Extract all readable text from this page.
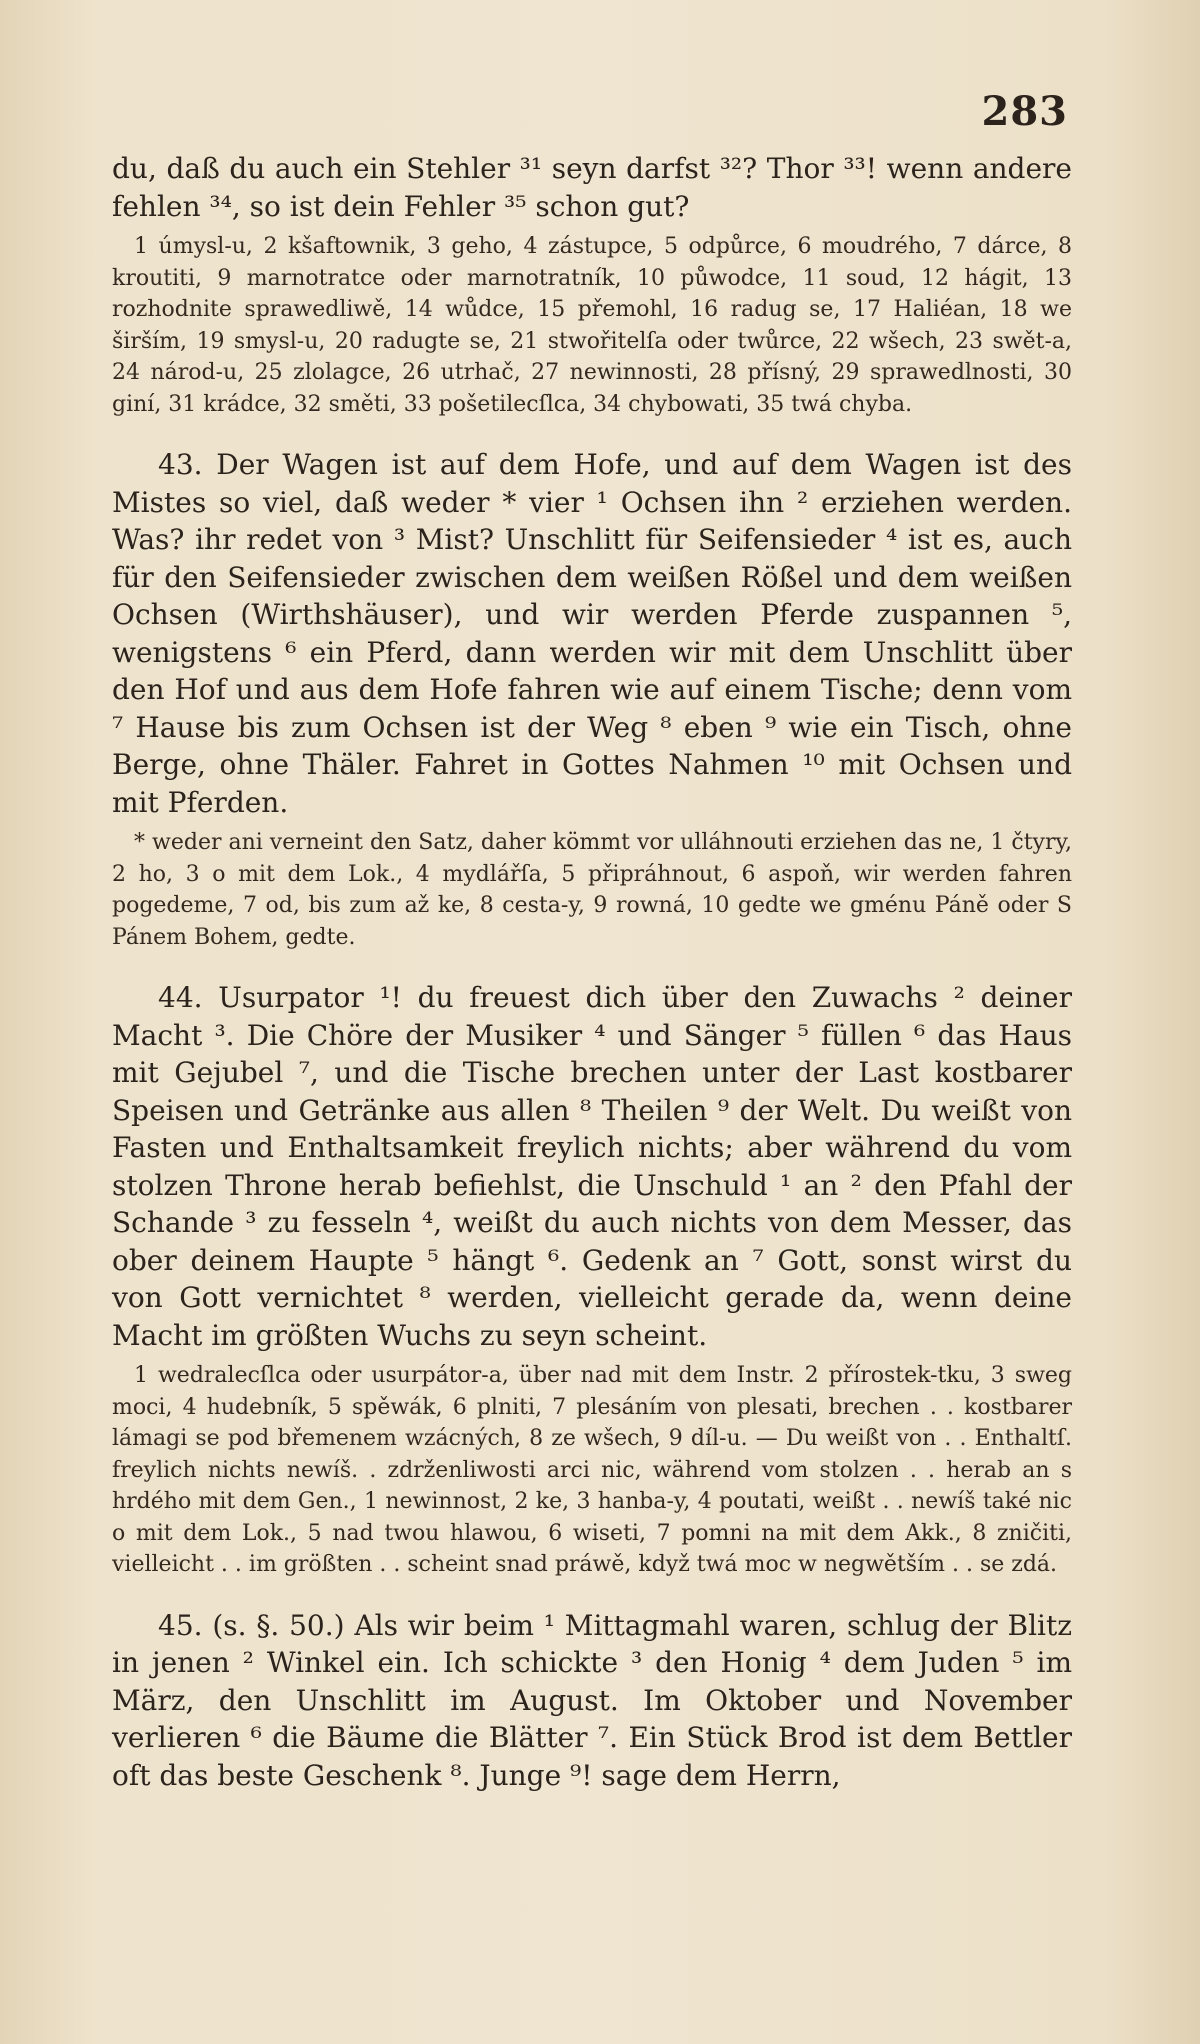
283

du, daß du auch ein Stehler ³¹ seyn darfst ³²? Thor ³³! wenn andere fehlen ³⁴, so ist dein Fehler ³⁵ schon gut?

1 úmysl-u, 2 kšaftownik, 3 geho, 4 zástupce, 5 odpůrce, 6 moudrého, 7 dárce, 8 kroutiti, 9 marnotratce oder marnotratník, 10 půwodce, 11 soud, 12 hágit, 13 rozhodnite sprawedliwě, 14 wůdce, 15 přemohl, 16 radug se, 17 Haliéan, 18 we širším, 19 smysl-u, 20 radugte se, 21 stwořitelſa oder twůrce, 22 wšech, 23 swět-a, 24 národ-u, 25 zlolagce, 26 utrhač, 27 newinnosti, 28 přísný, 29 sprawedlnosti, 30 giní, 31 krádce, 32 směti, 33 pošetilecſlca, 34 chybowati, 35 twá chyba.

43. Der Wagen ist auf dem Hofe, und auf dem Wagen ist des Mistes so viel, daß weder * vier ¹ Ochsen ihn ² erziehen werden. Was? ihr redet von ³ Mist? Unschlitt für Seifensieder ⁴ ist es, auch für den Seifensieder zwischen dem weißen Rößel und dem weißen Ochsen (Wirthshäuser), und wir werden Pferde zuspannen ⁵, wenigstens ⁶ ein Pferd, dann werden wir mit dem Unschlitt über den Hof und aus dem Hofe fahren wie auf einem Tische; denn vom ⁷ Hause bis zum Ochsen ist der Weg ⁸ eben ⁹ wie ein Tisch, ohne Berge, ohne Thäler. Fahret in Gottes Nahmen ¹⁰ mit Ochsen und mit Pferden.

* weder ani verneint den Satz, daher kömmt vor ulláhnouti erziehen das ne, 1 čtyry, 2 ho, 3 o mit dem Lok., 4 mydlářſa, 5 připráhnout, 6 aspoň, wir werden fahren pogedeme, 7 od, bis zum až ke, 8 cesta-y, 9 rowná, 10 gedte we gménu Páně oder S Pánem Bohem, gedte.

44. Usurpator ¹! du freuest dich über den Zuwachs ² deiner Macht ³. Die Chöre der Musiker ⁴ und Sänger ⁵ füllen ⁶ das Haus mit Gejubel ⁷, und die Tische brechen unter der Last kostbarer Speisen und Getränke aus allen ⁸ Theilen ⁹ der Welt. Du weißt von Fasten und Enthaltsamkeit freylich nichts; aber während du vom stolzen Throne herab befiehlst, die Unschuld ¹ an ² den Pfahl der Schande ³ zu fesseln ⁴, weißt du auch nichts von dem Messer, das ober deinem Haupte ⁵ hängt ⁶. Gedenk an ⁷ Gott, sonst wirst du von Gott vernichtet ⁸ werden, vielleicht gerade da, wenn deine Macht im größten Wuchs zu seyn scheint.

1 wedralecſlca oder usurpátor-a, über nad mit dem Instr. 2 přírostek-tku, 3 sweg moci, 4 hudebník, 5 spěwák, 6 plniti, 7 plesáním von plesati, brechen . . kostbarer lámagi se pod břemenem wzácných, 8 ze wšech, 9 díl-u. — Du weißt von . . Enthaltſ. freylich nichts newíš. . zdrženliwosti arci nic, während vom stolzen . . herab an s hrdého mit dem Gen., 1 newinnost, 2 ke, 3 hanba-y, 4 poutati, weißt . . newíš také nic o mit dem Lok., 5 nad twou hlawou, 6 wiseti, 7 pomni na mit dem Akk., 8 zničiti, vielleicht . . im größten . . scheint snad práwě, když twá moc w negwětším . . se zdá.

45. (s. §. 50.) Als wir beim ¹ Mittagmahl waren, schlug der Blitz in jenen ² Winkel ein. Ich schickte ³ den Honig ⁴ dem Juden ⁵ im März, den Unschlitt im August. Im Oktober und November verlieren ⁶ die Bäume die Blätter ⁷. Ein Stück Brod ist dem Bettler oft das beste Geschenk ⁸. Junge ⁹! sage dem Herrn,
